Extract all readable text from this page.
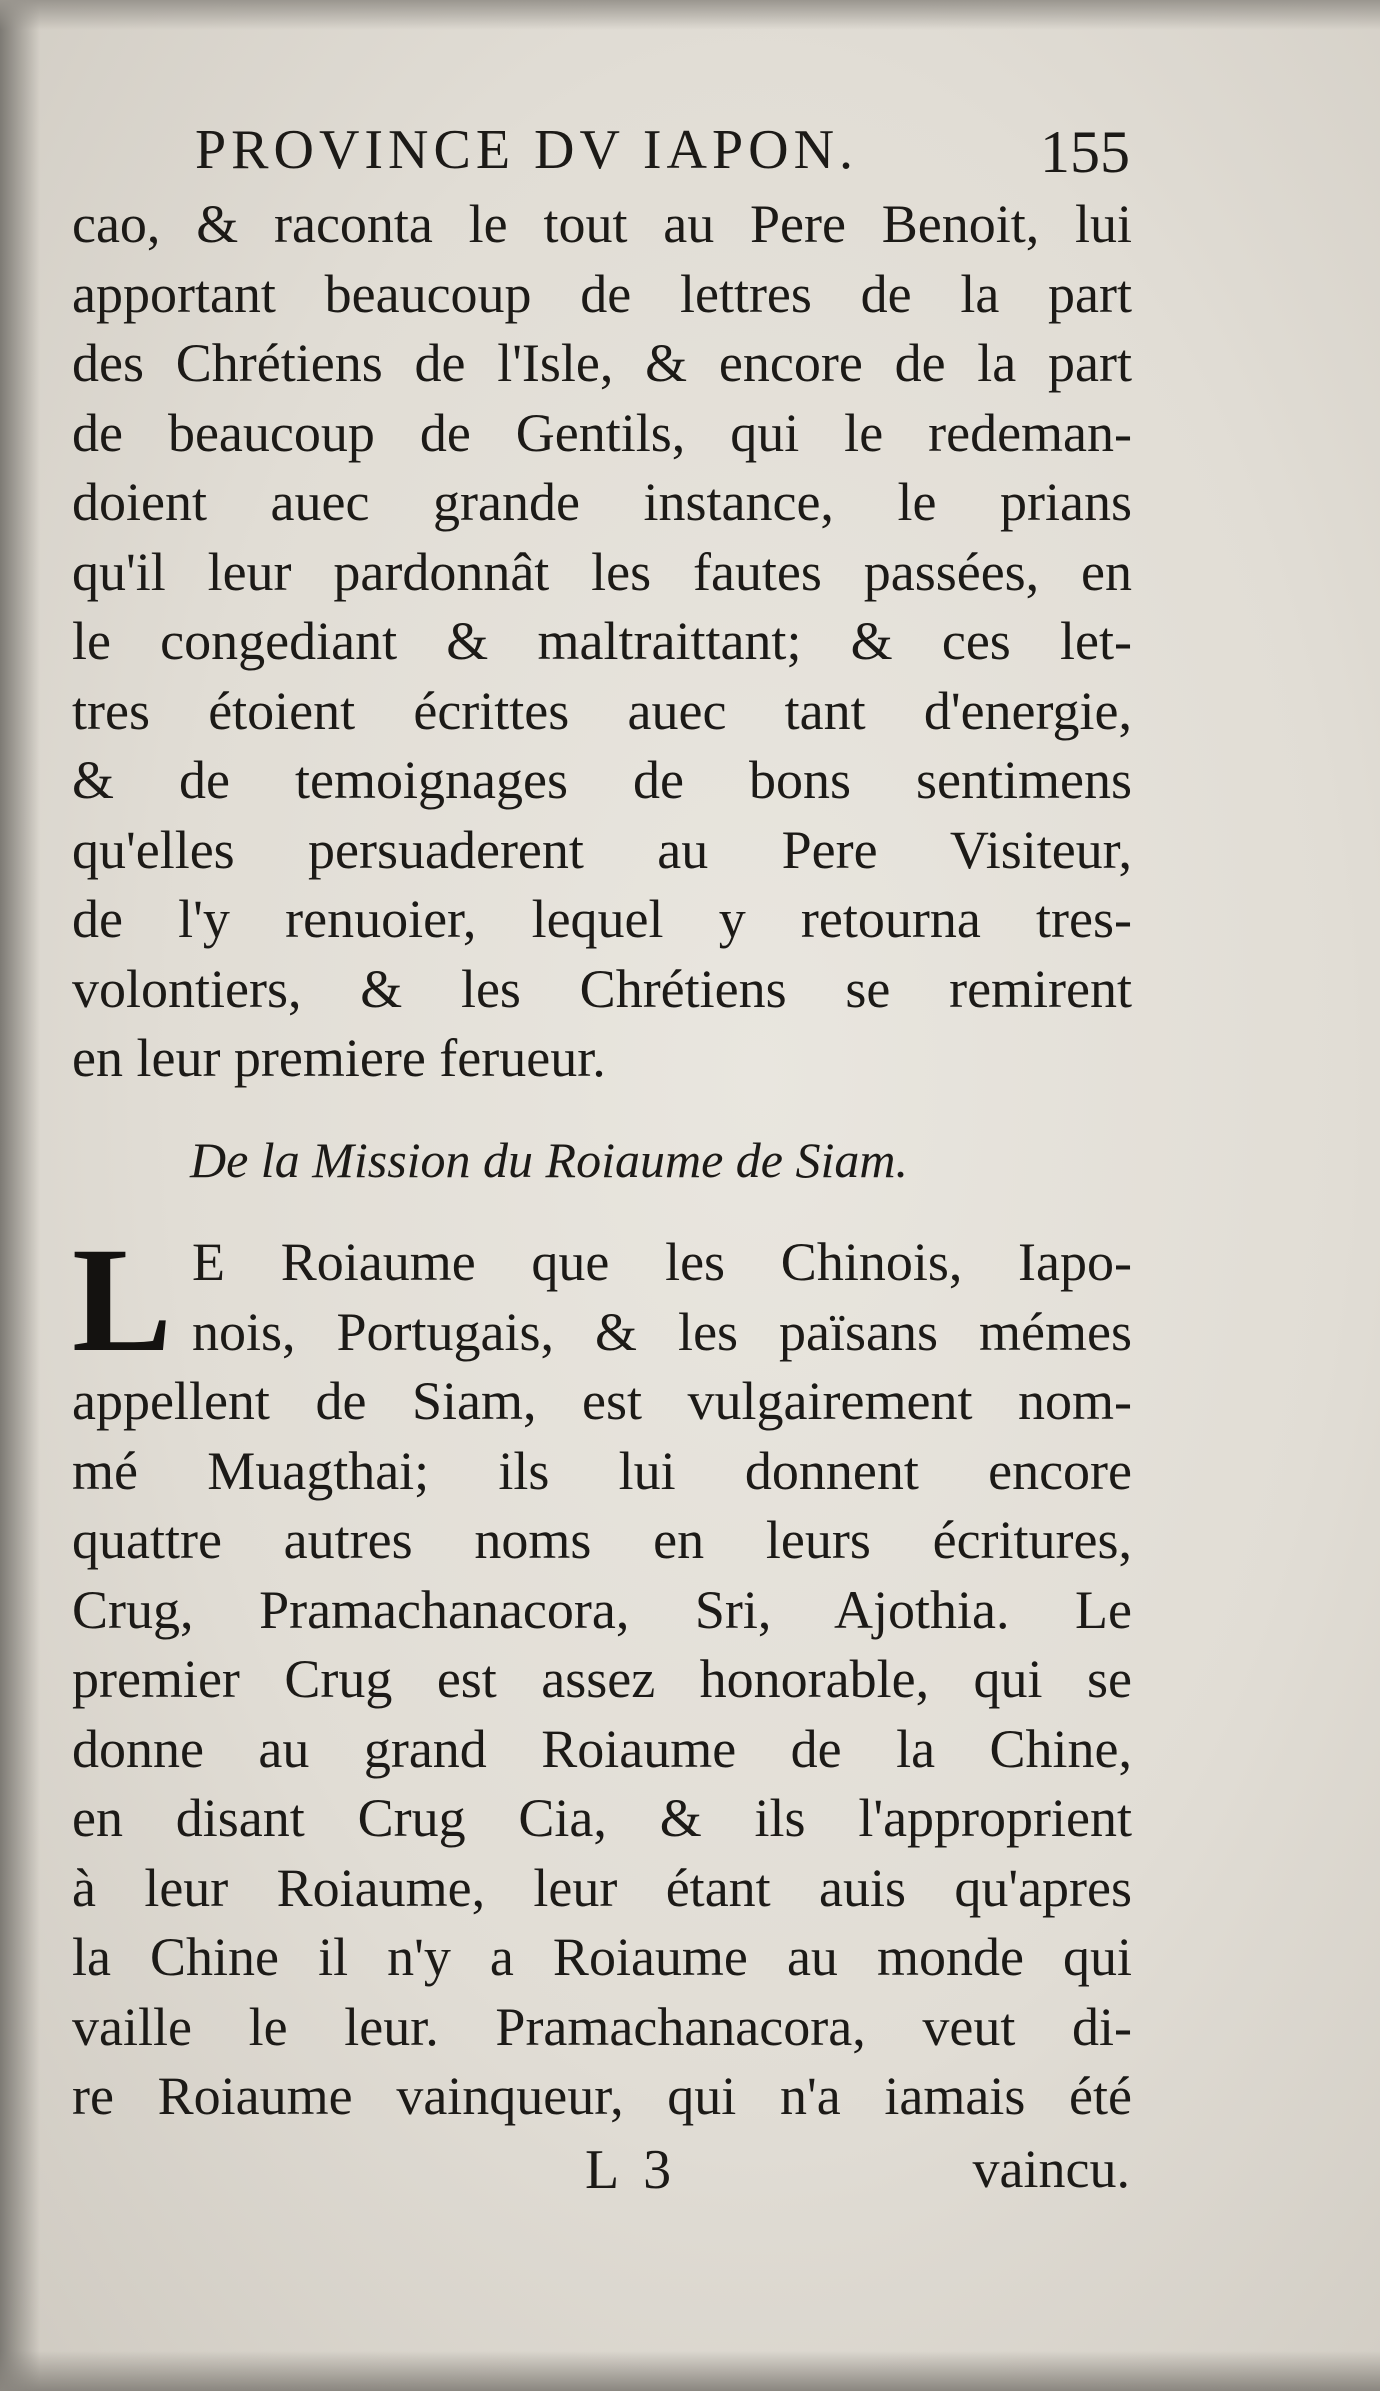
PROVINCE DV IAPON.	155
cao, & raconta le tout au Pere Benoit, lui
apportant beaucoup de lettres de la part
des Chrétiens de l'Isle, & encore de la part
de beaucoup de Gentils, qui le redeman-
doient auec grande instance, le prians
qu'il leur pardonnât les fautes passées, en
le congediant & maltraittant; & ces let-
tres étoient écrittes auec tant d'energie,
& de temoignages de bons sentimens
qu'elles persuaderent au Pere Visiteur,
de l'y renuoier, lequel y retourna tres-
volontiers, & les Chrétiens se remirent
en leur premiere ferueur.
De la Mission du Roiaume de Siam.
L E Roiaume que les Chinois, Iapo-
nois, Portugais, & les païsans mémes
appellent de Siam, est vulgairement nom-
mé Muagthai; ils lui donnent encore
quattre autres noms en leurs écritures,
Crug, Pramachanacora, Sri, Ajothia. Le
premier Crug est assez honorable, qui se
donne au grand Roiaume de la Chine,
en disant Crug Cia, & ils l'approprient
à leur Roiaume, leur étant auis qu'apres
la Chine il n'y a Roiaume au monde qui
vaille le leur. Pramachanacora, veut di-
re Roiaume vainqueur, qui n'a iamais été
L 3	vaincu.
